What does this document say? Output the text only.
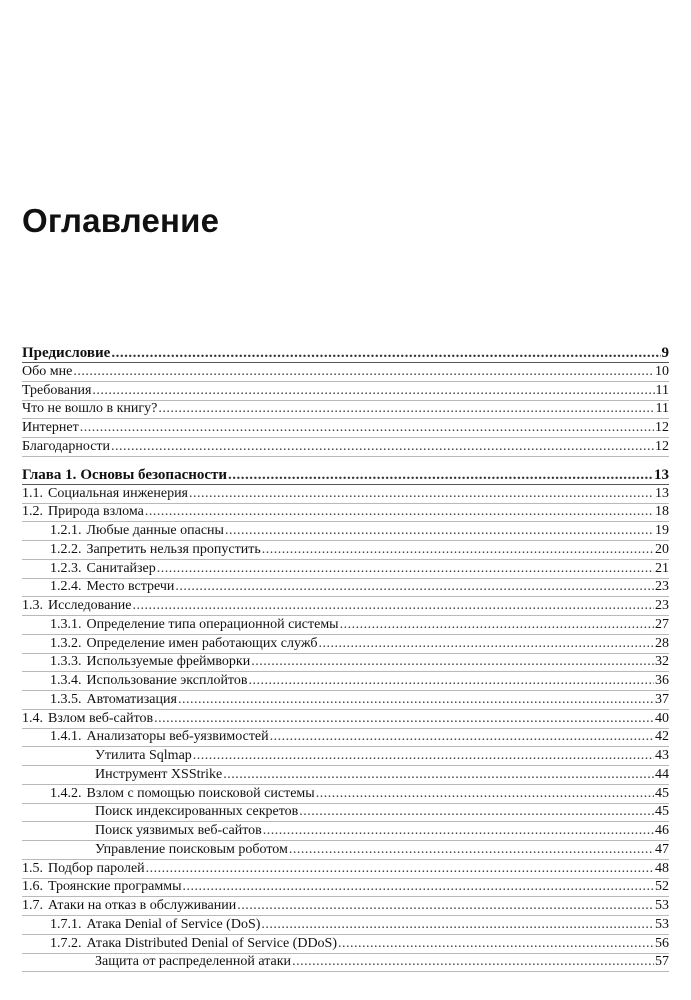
Оглавление
Предисловие .....	9
Обо мне .....	10
Требования .....	11
Что не вошло в книгу? .....	11
Интернет .....	12
Благодарности .....	12
Глава 1. Основы безопасности .....	13
1.1. Социальная инженерия .....	13
1.2. Природа взлома .....	18
1.2.1. Любые данные опасны .....	19
1.2.2. Запретить нельзя пропустить .....	20
1.2.3. Санитайзер .....	21
1.2.4. Место встречи .....	23
1.3. Исследование .....	23
1.3.1. Определение типа операционной системы .....	27
1.3.2. Определение имен работающих служб .....	28
1.3.3. Используемые фреймворки .....	32
1.3.4. Использование эксплойтов .....	36
1.3.5. Автоматизация .....	37
1.4. Взлом веб-сайтов .....	40
1.4.1. Анализаторы веб-уязвимостей .....	42
Утилита Sqlmap .....	43
Инструмент XSStrike .....	44
1.4.2. Взлом с помощью поисковой системы .....	45
Поиск индексированных секретов .....	45
Поиск уязвимых веб-сайтов .....	46
Управление поисковым роботом .....	47
1.5. Подбор паролей .....	48
1.6. Троянские программы .....	52
1.7. Атаки на отказ в обслуживании .....	53
1.7.1. Атака Denial of Service (DoS) .....	53
1.7.2. Атака Distributed Denial of Service (DDoS) .....	56
Защита от распределенной атаки .....	57
